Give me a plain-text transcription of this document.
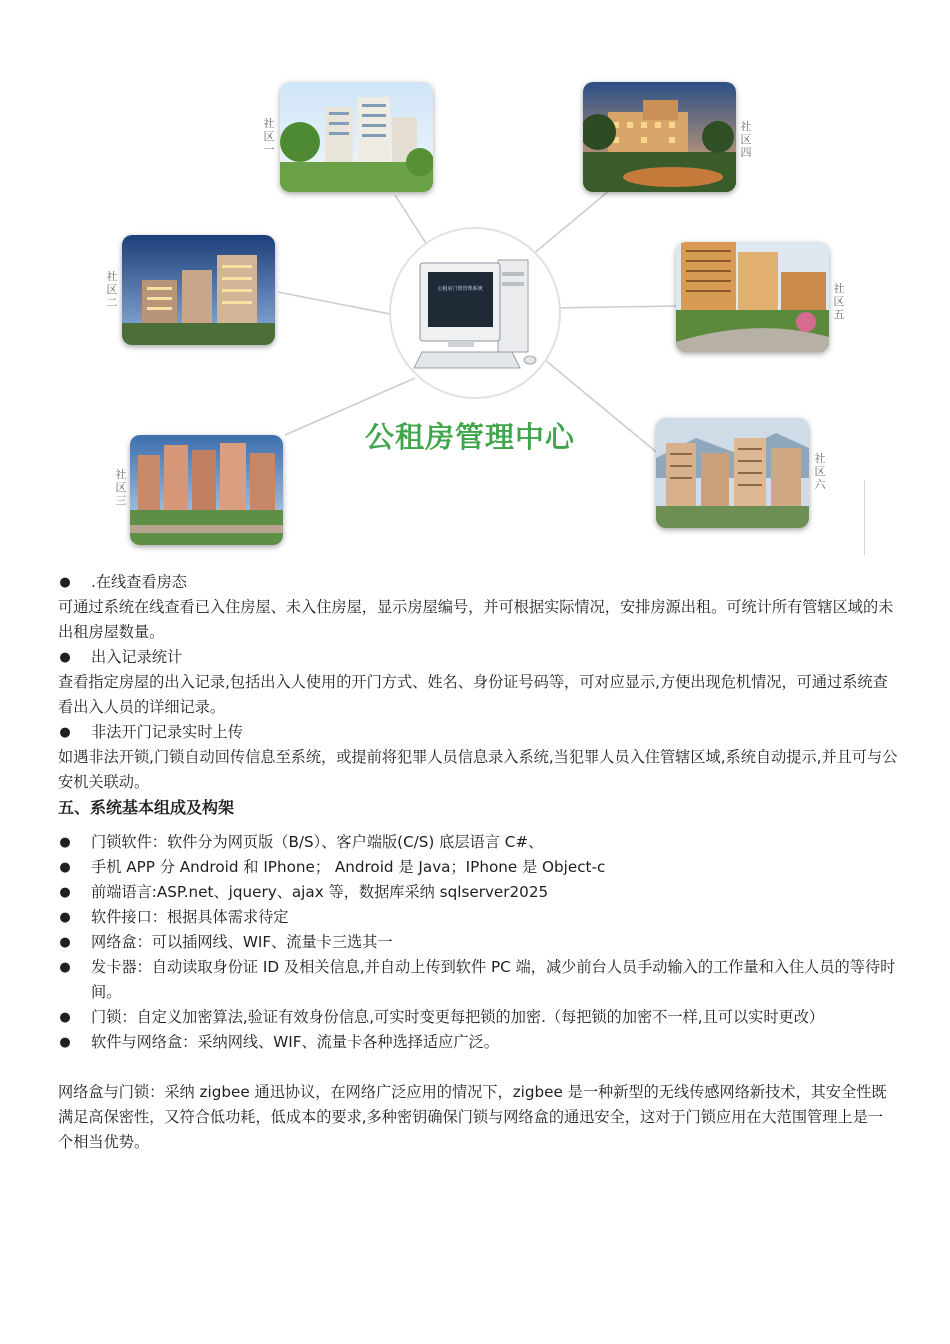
公租房门禁管理系统
社
区
一
社
区
四
社
区
二
社
区
五
社
区
三
社
区
六
公租房管理中心
● .在线查看房态

可通过系统在线查看已入住房屋、未入住房屋，显示房屋编号，并可根据实际情况，安排房源出租。可统计所有管辖区域的未出租房屋数量。

● 出入记录统计

查看指定房屋的出入记录,包括出入人使用的开门方式、姓名、身份证号码等，可对应显示,方便出现危机情况，可通过系统查看出入人员的详细记录。

● 非法开门记录实时上传

如遇非法开锁,门锁自动回传信息至系统，或提前将犯罪人员信息录入系统,当犯罪人员入住管辖区域,系统自动提示,并且可与公安机关联动。

五、系统基本组成及构架

● 门锁软件：软件分为网页版（B/S）、客户端版(C/S) 底层语言 C#、
● 手机 APP 分 Android 和 IPhone； Android 是 Java；IPhone 是 Object-c
● 前端语言:ASP.net、jquery、ajax 等，数据库采纳 sqlserver2025
● 软件接口：根据具体需求待定
● 网络盒：可以插网线、WIF、流量卡三选其一
● 发卡器：自动读取身份证 ID 及相关信息,并自动上传到软件 PC 端，减少前台人员手动输入的工作量和入住人员的等待时间。
● 门锁：自定义加密算法,验证有效身份信息,可实时变更每把锁的加密.（每把锁的加密不一样,且可以实时更改）
● 软件与网络盒：采纳网线、WIF、流量卡各种选择适应广泛。

网络盒与门锁：采纳 zigbee 通迅协议，在网络广泛应用的情况下，zigbee 是一种新型的无线传感网络新技术，其安全性既满足高保密性，又符合低功耗，低成本的要求,多种密钥确保门锁与网络盒的通迅安全，这对于门锁应用在大范围管理上是一个相当优势。
